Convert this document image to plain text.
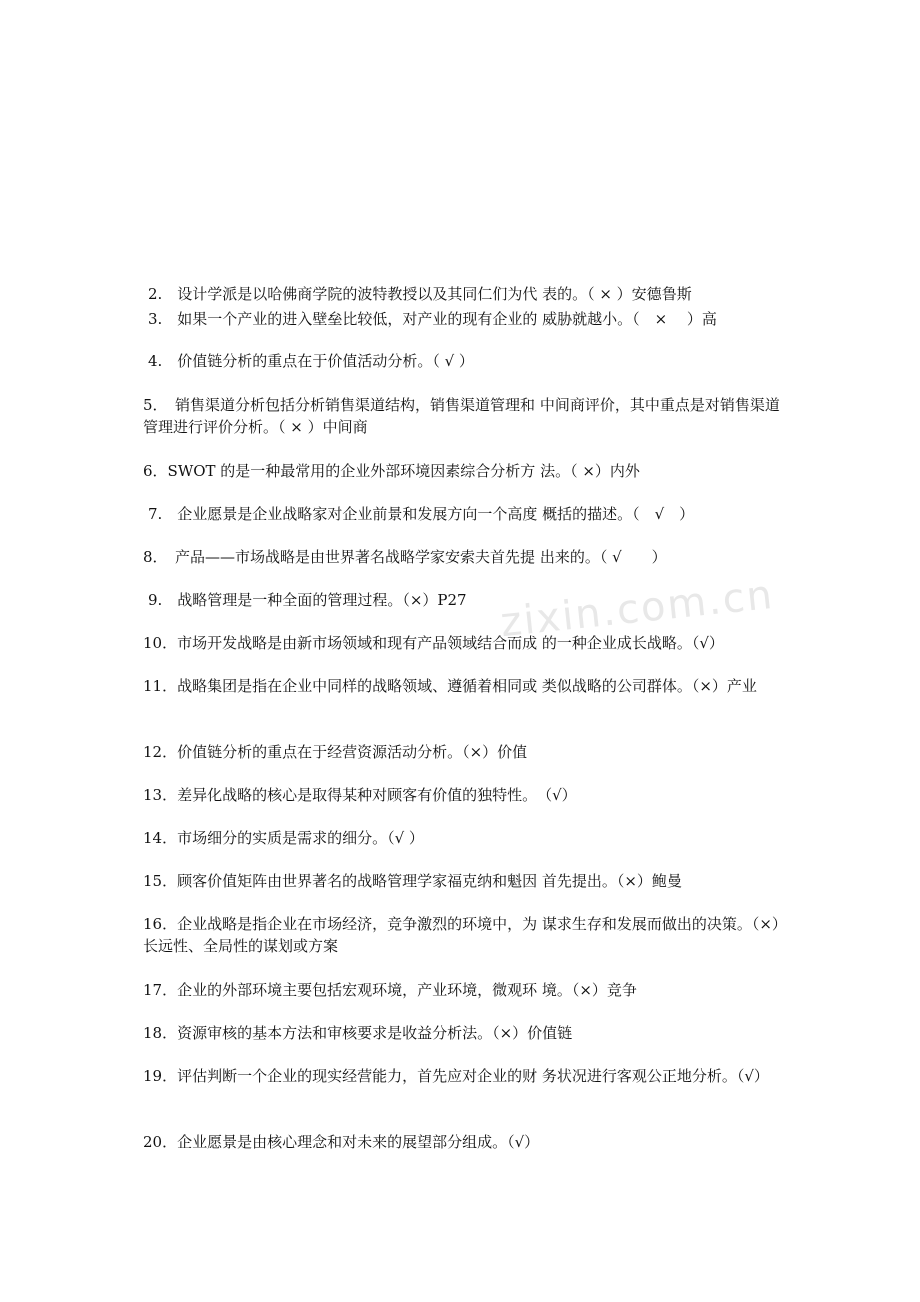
zixin.com.cn
2.　设计学派是以哈佛商学院的波特教授以及其同仁们为代 表的。（ × ）安德鲁斯
3.　如果一个产业的进入壁垒比较低，对产业的现有企业的 威胁就越小。（　× 　）高
4.　价值链分析的重点在于价值活动分析。（ √ ）
5．　销售渠道分析包括分析销售渠道结构，销售渠道管理和 中间商评价，其中重点是对销售渠道管理进行评价分析。（ × ）中间商
6．SWOT 的是一种最常用的企业外部环境因素综合分析方 法。（ ×）内外
7.　企业愿景是企业战略家对企业前景和发展方向一个高度 概括的描述。（　√　）
8．　产品——市场战略是由世界著名战略学家安索夫首先提 出来的。（ √　　）
9.　战略管理是一种全面的管理过程。（×）P27
10．市场开发战略是由新市场领域和现有产品领域结合而成 的一种企业成长战略。（√）
11．战略集团是指在企业中同样的战略领域、遵循着相同或 类似战略的公司群体。（×）产业
12．价值链分析的重点在于经营资源活动分析。（×）价值
13．差异化战略的核心是取得某种对顾客有价值的独特性。　（√）
14．市场细分的实质是需求的细分。（√ ）
15．顾客价值矩阵由世界著名的战略管理学家福克纳和魁因 首先提出。（×）鲍曼
16．企业战略是指企业在市场经济，竞争激烈的环境中，为 谋求生存和发展而做出的决策。（×）长远性、全局性的谋划或方案
17．企业的外部环境主要包括宏观环境，产业环境，微观环 境。（×）竞争
18．资源审核的基本方法和审核要求是收益分析法。（×）价值链
19．评估判断一个企业的现实经营能力，首先应对企业的财 务状况进行客观公正地分析。（√）
20．企业愿景是由核心理念和对未来的展望部分组成。（√）
